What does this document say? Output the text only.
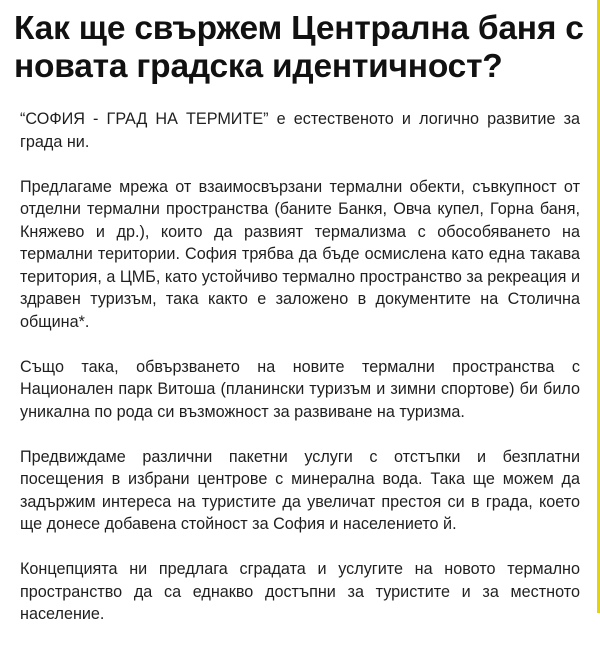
Как ще свържем Централна баня с новата градска идентичност?

“СОФИЯ - ГРАД НА ТЕРМИТЕ” е естественото и логично развитие за града ни.

Предлагаме мрежа от взаимосвързани термални обекти, съвкупност от отделни термални пространства (баните Банкя, Овча купел, Горна баня, Княжево и др.), които да развият термализма с обособяването на термални територии. София трябва да бъде осмислена като една такава територия, а ЦМБ, като устойчиво термално пространство за рекреация и здравен туризъм, така както е заложено в документите на Столична община*.

Също така, обвързването на новите термални пространства с Национален парк Витоша (планински туризъм и зимни спортове) би било уникална по рода си възможност за развиване на туризма.

Предвиждаме различни пакетни услуги с отстъпки и безплатни посещения в избрани центрове с минерална вода. Така ще можем да задържим интереса на туристите да увеличат престоя си в града, което ще донесе добавена стойност за София и населението й.

Концепцията ни предлага сградата и услугите на новото термално пространство да са еднакво достъпни за туристите и за местното население.
